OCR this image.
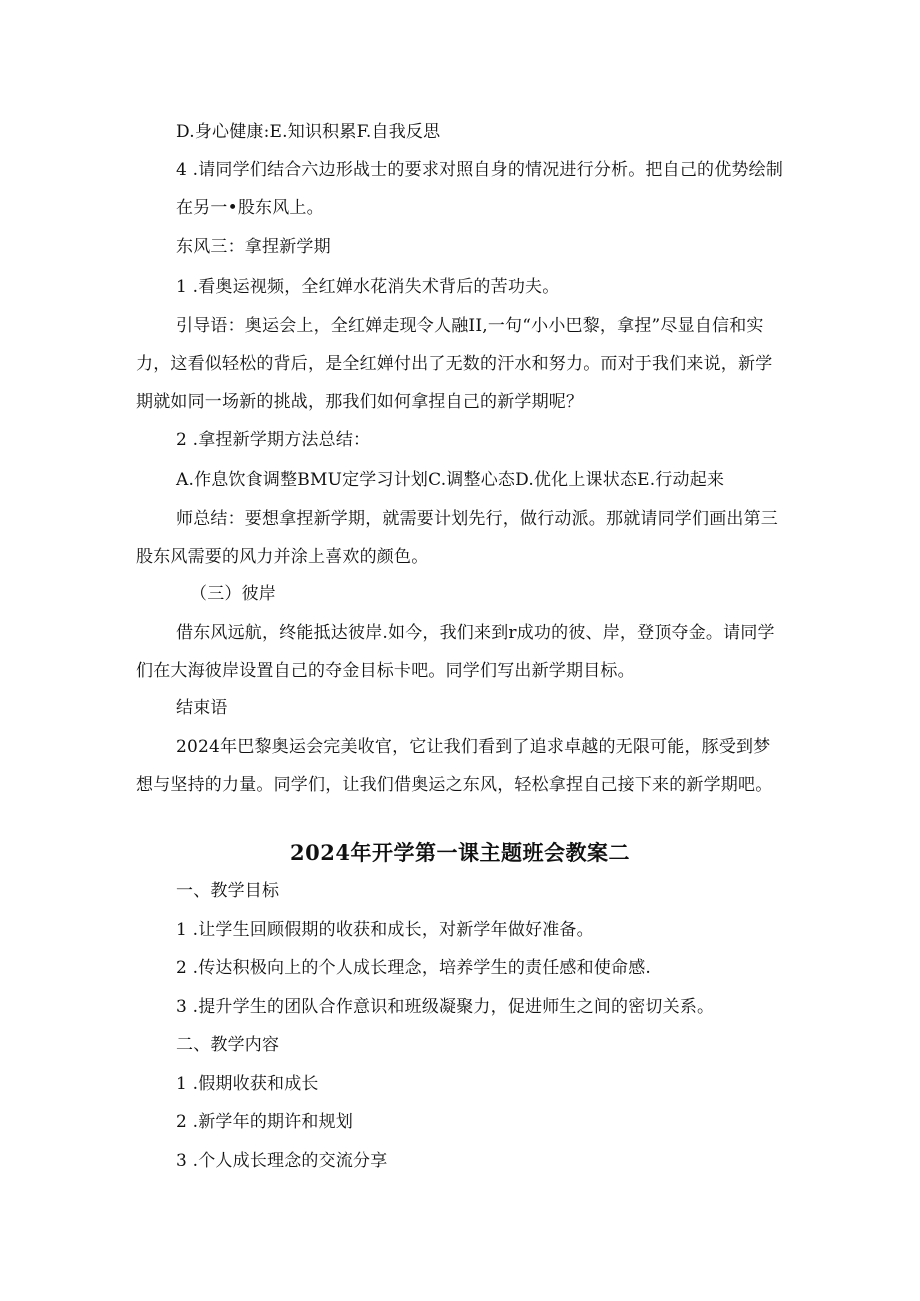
D.身心健康:E.知识积累F.自我反思
4 .请同学们结合六边形战士的要求对照自身的情况进行分析。把自己的优势绘制在另一•股东风上。
东风三：拿捏新学期
1 .看奥运视频，全红婵水花消失术背后的苦功夫。
引导语：奥运会上，全红婵走现令人融II,一句“小小巴黎，拿捏”尽显自信和实力，这看似轻松的背后，是全红婵付出了无数的汗水和努力。而对于我们来说，新学期就如同一场新的挑战，那我们如何拿捏自己的新学期呢？
2 .拿捏新学期方法总结：
A.作息饮食调整BMU定学习计划C.调整心态D.优化上课状态E.行动起来
师总结：要想拿捏新学期，就需要计划先行，做行动派。那就请同学们画出第三股东风需要的风力并涂上喜欢的颜色。
（三）彼岸
借东风远航，终能抵达彼岸.如今，我们来到r成功的彼、岸，登顶夺金。请同学们在大海彼岸设置自己的夺金目标卡吧。同学们写出新学期目标。
结束语
2024年巴黎奥运会完美收官，它让我们看到了追求卓越的无限可能，豚受到梦想与坚持的力量。同学们，让我们借奥运之东风，轻松拿捏自己接下来的新学期吧。
2024年开学第一课主题班会教案二
一、教学目标
1 .让学生回顾假期的收获和成长，对新学年做好准备。
2 .传达积极向上的个人成长理念，培养学生的责任感和使命感.
3 .提升学生的团队合作意识和班级凝聚力，促进师生之间的密切关系。
二、教学内容
1 .假期收获和成长
2 .新学年的期许和规划
3 .个人成长理念的交流分享
